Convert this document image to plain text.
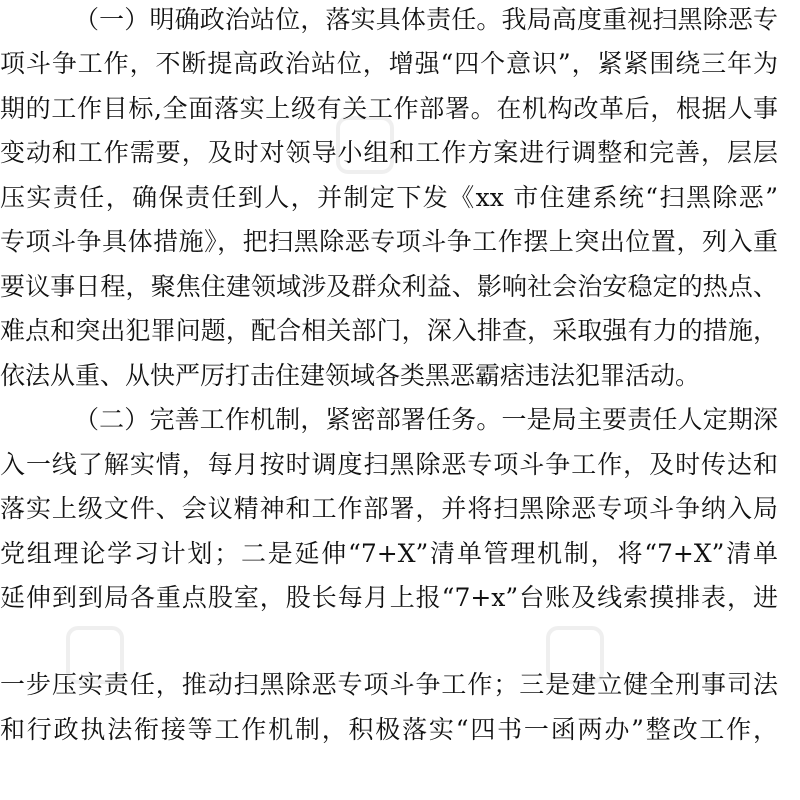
（一）明确政治站位，落实具体责任。我局高度重视扫黑除恶专
项斗争工作，不断提高政治站位，增强“四个意识”，紧紧围绕三年为
期的工作目标,全面落实上级有关工作部署。在机构改革后，根据人事
变动和工作需要，及时对领导小组和工作方案进行调整和完善，层层
压实责任，确保责任到人，并制定下发《xx 市住建系统“扫黑除恶”
专项斗争具体措施》，把扫黑除恶专项斗争工作摆上突出位置，列入重
要议事日程，聚焦住建领域涉及群众利益、影响社会治安稳定的热点、
难点和突出犯罪问题，配合相关部门，深入排查，采取强有力的措施，
依法从重、从快严厉打击住建领域各类黑恶霸痞违法犯罪活动。
（二）完善工作机制，紧密部署任务。一是局主要责任人定期深
入一线了解实情，每月按时调度扫黑除恶专项斗争工作，及时传达和
落实上级文件、会议精神和工作部署，并将扫黑除恶专项斗争纳入局
党组理论学习计划；二是延伸“7+X”清单管理机制，将“7+X”清单
延伸到到局各重点股室，股长每月上报“7+x”台账及线索摸排表，进
一步压实责任，推动扫黑除恶专项斗争工作；三是建立健全刑事司法
和行政执法衔接等工作机制，积极落实“四书一函两办”整改工作，
